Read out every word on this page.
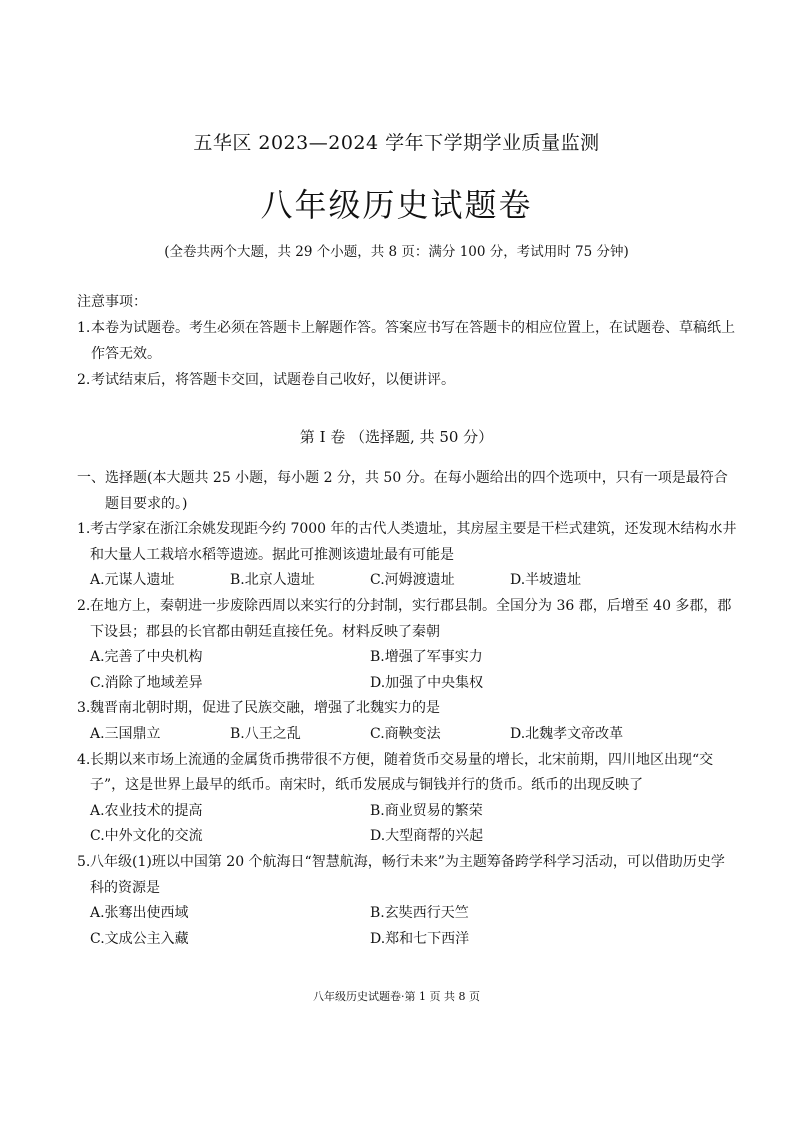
五华区 2023—2024 学年下学期学业质量监测
八年级历史试题卷
(全卷共两个大题，共 29 个小题，共 8 页：满分 100 分，考试用时 75 分钟)
注意事项：
1. 本卷为试题卷。考生必须在答题卡上解题作答。答案应书写在答题卡的相应位置上，在试题卷、草稿纸上作答无效。
2. 考试结束后，将答题卡交回，试题卷自己收好，以便讲评。
第 I 卷 （选择题, 共 50 分）
一、 选择题(本大题共 25 小题，每小题 2 分，共 50 分。在每小题给出的四个选项中，只有一项是最符合题目要求的。)
1. 考古学家在浙江余姚发现距今约 7000 年的古代人类遗址，其房屋主要是干栏式建筑，还发现木结构水井和大量人工栽培水稻等遗迹。据此可推测该遗址最有可能是
A.元谋人遗址	B.北京人遗址	C.河姆渡遗址	D.半坡遗址
2. 在地方上，秦朝进一步废除西周以来实行的分封制，实行郡县制。全国分为 36 郡，后增至 40 多郡，郡下设县；郡县的长官都由朝廷直接任免。材料反映了秦朝
A.完善了中央机构	B.增强了军事实力
C.消除了地域差异	D.加强了中央集权
3. 魏晋南北朝时期，促进了民族交融，增强了北魏实力的是
A.三国鼎立	B.八王之乱	C.商鞅变法	D.北魏孝文帝改革
4. 长期以来市场上流通的金属货币携带很不方便，随着货币交易量的增长，北宋前期，四川地区出现“交子”，这是世界上最早的纸币。南宋时，纸币发展成与铜钱并行的货币。纸币的出现反映了
A.农业技术的提高	B.商业贸易的繁荣
C.中外文化的交流	D.大型商帮的兴起
5. 八年级(1)班以中国第 20 个航海日“智慧航海，畅行未来”为主题筹备跨学科学习活动，可以借助历史学科的资源是
A.张骞出使西域	B.玄奘西行天竺
C.文成公主入藏	D.郑和七下西洋
八年级历史试题卷·第 1 页 共 8 页
